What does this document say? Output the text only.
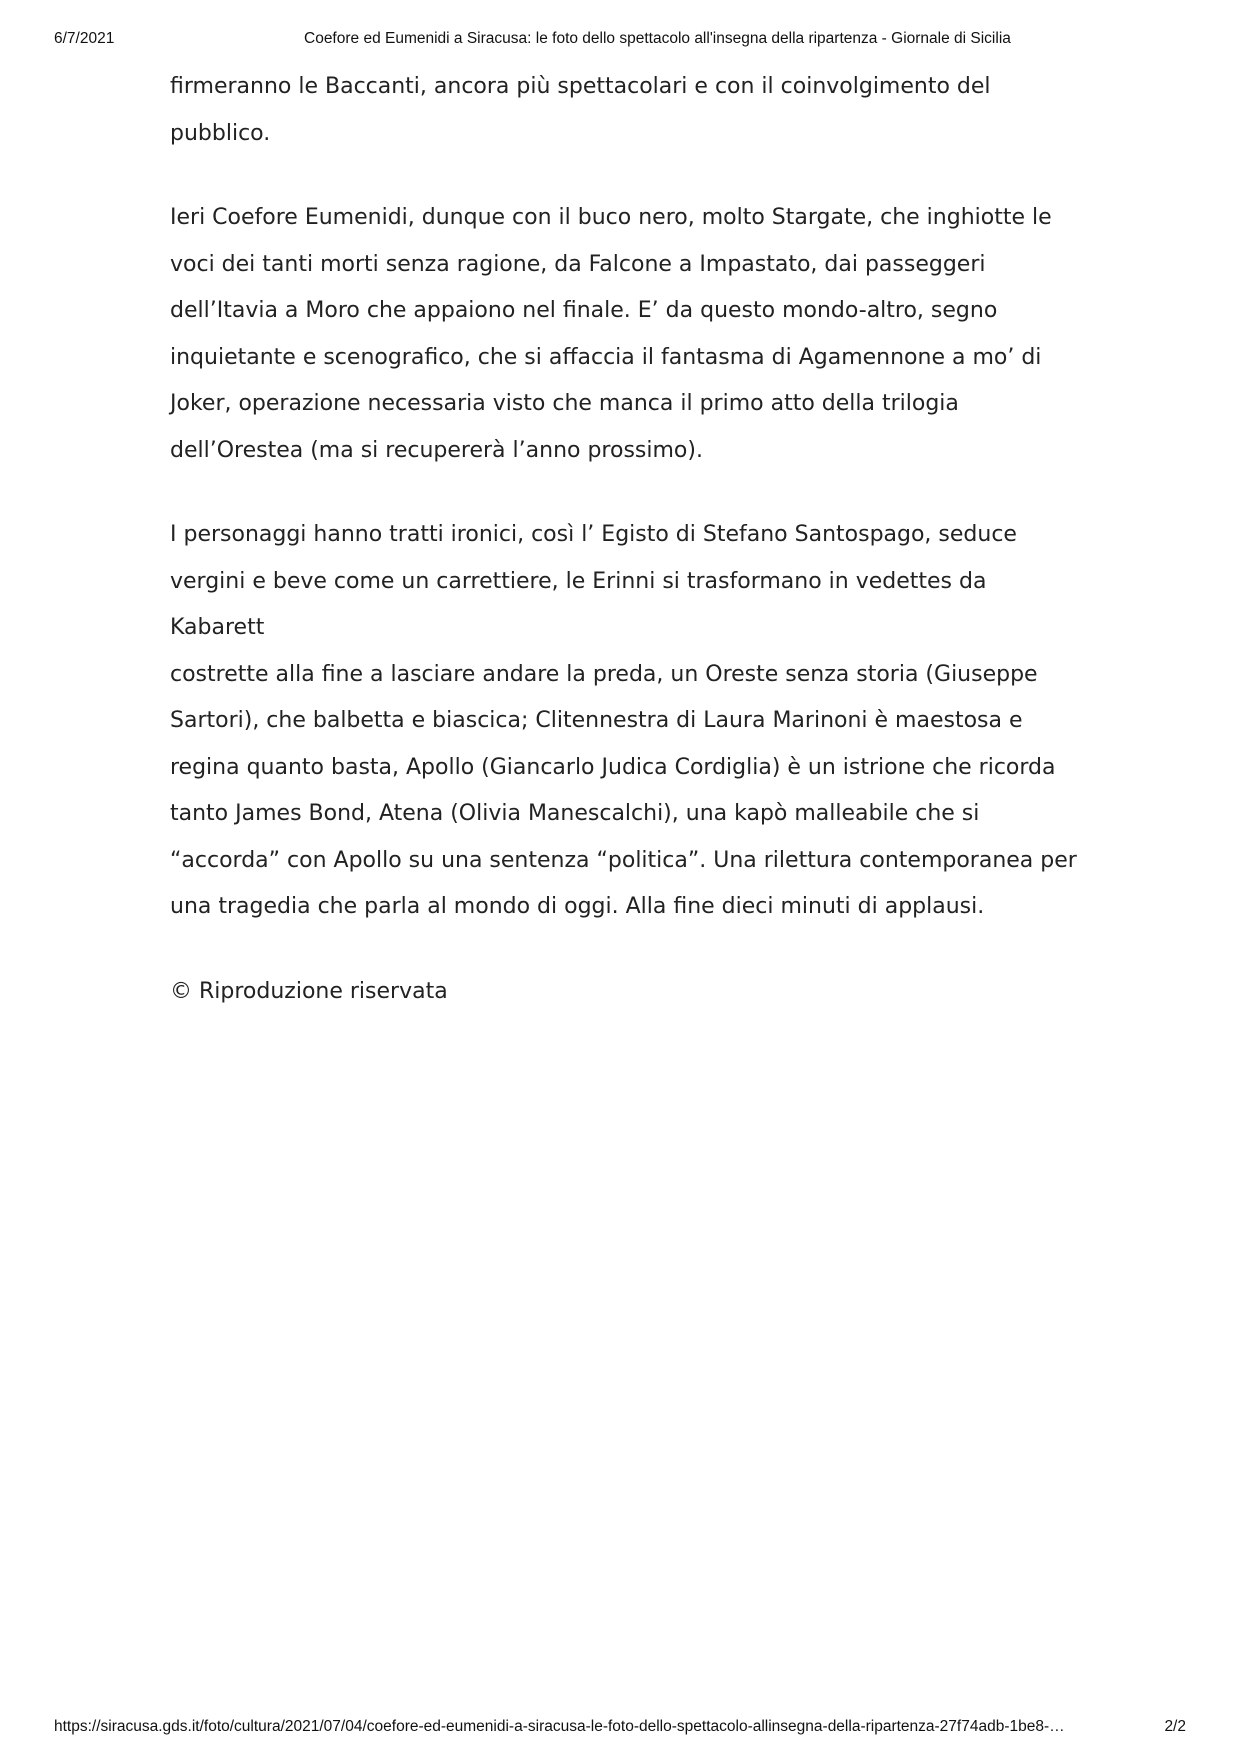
6/7/2021	Coefore ed Eumenidi a Siracusa: le foto dello spettacolo all'insegna della ripartenza - Giornale di Sicilia

firmeranno le Baccanti, ancora più spettacolari e con il coinvolgimento del
pubblico.

Ieri Coefore Eumenidi, dunque con il buco nero, molto Stargate, che inghiotte le
voci dei tanti morti senza ragione, da Falcone a Impastato, dai passeggeri
dell’Itavia a Moro che appaiono nel finale. E’ da questo mondo-altro, segno
inquietante e scenografico, che si affaccia il fantasma di Agamennone a mo’ di
Joker, operazione necessaria visto che manca il primo atto della trilogia
dell’Orestea (ma si recupererà l’anno prossimo).

I personaggi hanno tratti ironici, così l’ Egisto di Stefano Santospago, seduce
vergini e beve come un carrettiere, le Erinni si trasformano in vedettes da Kabarett
costrette alla fine a lasciare andare la preda, un Oreste senza storia (Giuseppe
Sartori), che balbetta e biascica; Clitennestra di Laura Marinoni è maestosa e
regina quanto basta, Apollo (Giancarlo Judica Cordiglia) è un istrione che ricorda
tanto James Bond, Atena (Olivia Manescalchi), una kapò malleabile che si
“accorda” con Apollo su una sentenza “politica”. Una rilettura contemporanea per
una tragedia che parla al mondo di oggi. Alla fine dieci minuti di applausi.

© Riproduzione riservata

https://siracusa.gds.it/foto/cultura/2021/07/04/coefore-ed-eumenidi-a-siracusa-le-foto-dello-spettacolo-allinsegna-della-ripartenza-27f74adb-1be8-…	2/2
